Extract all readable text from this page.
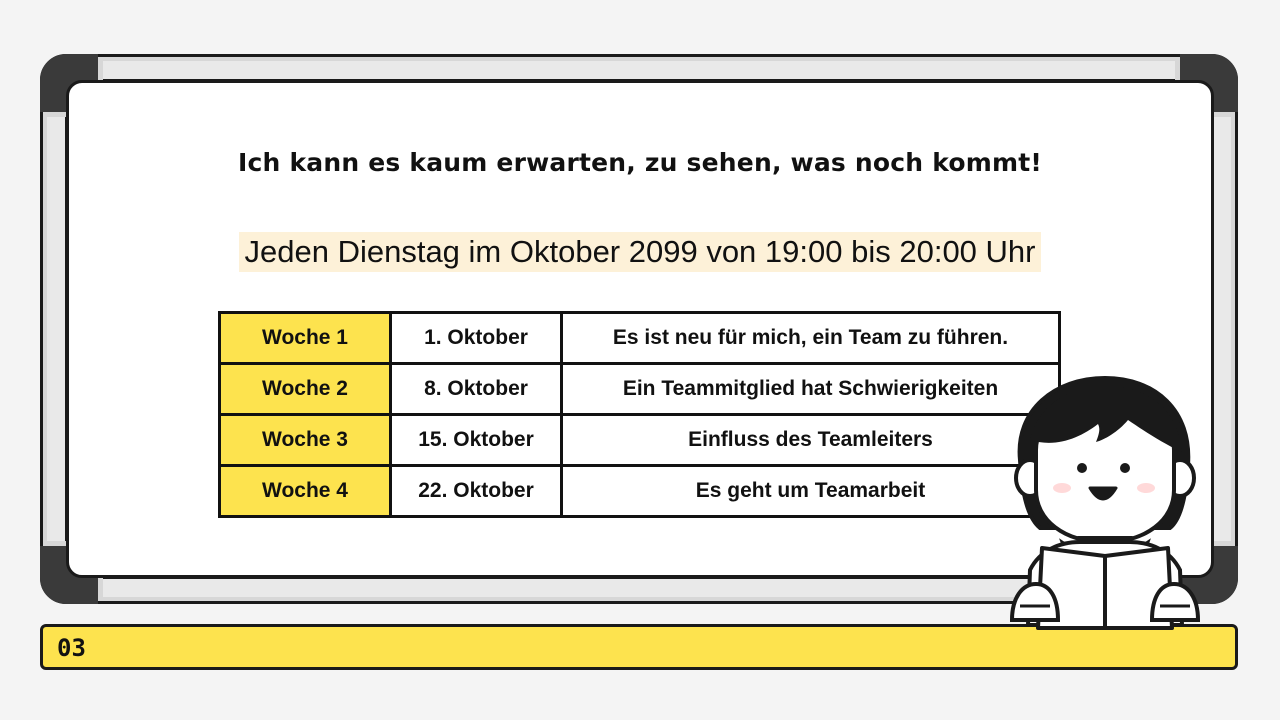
Ich kann es kaum erwarten, zu sehen, was noch kommt!
Jeden Dienstag im Oktober 2099 von 19:00 bis 20:00 Uhr
Woche 1	1. Oktober	Es ist neu für mich, ein Team zu führen.
Woche 2	8. Oktober	Ein Teammitglied hat Schwierigkeiten
Woche 3	15. Oktober	Einfluss des Teamleiters
Woche 4	22. Oktober	Es geht um Teamarbeit
03
